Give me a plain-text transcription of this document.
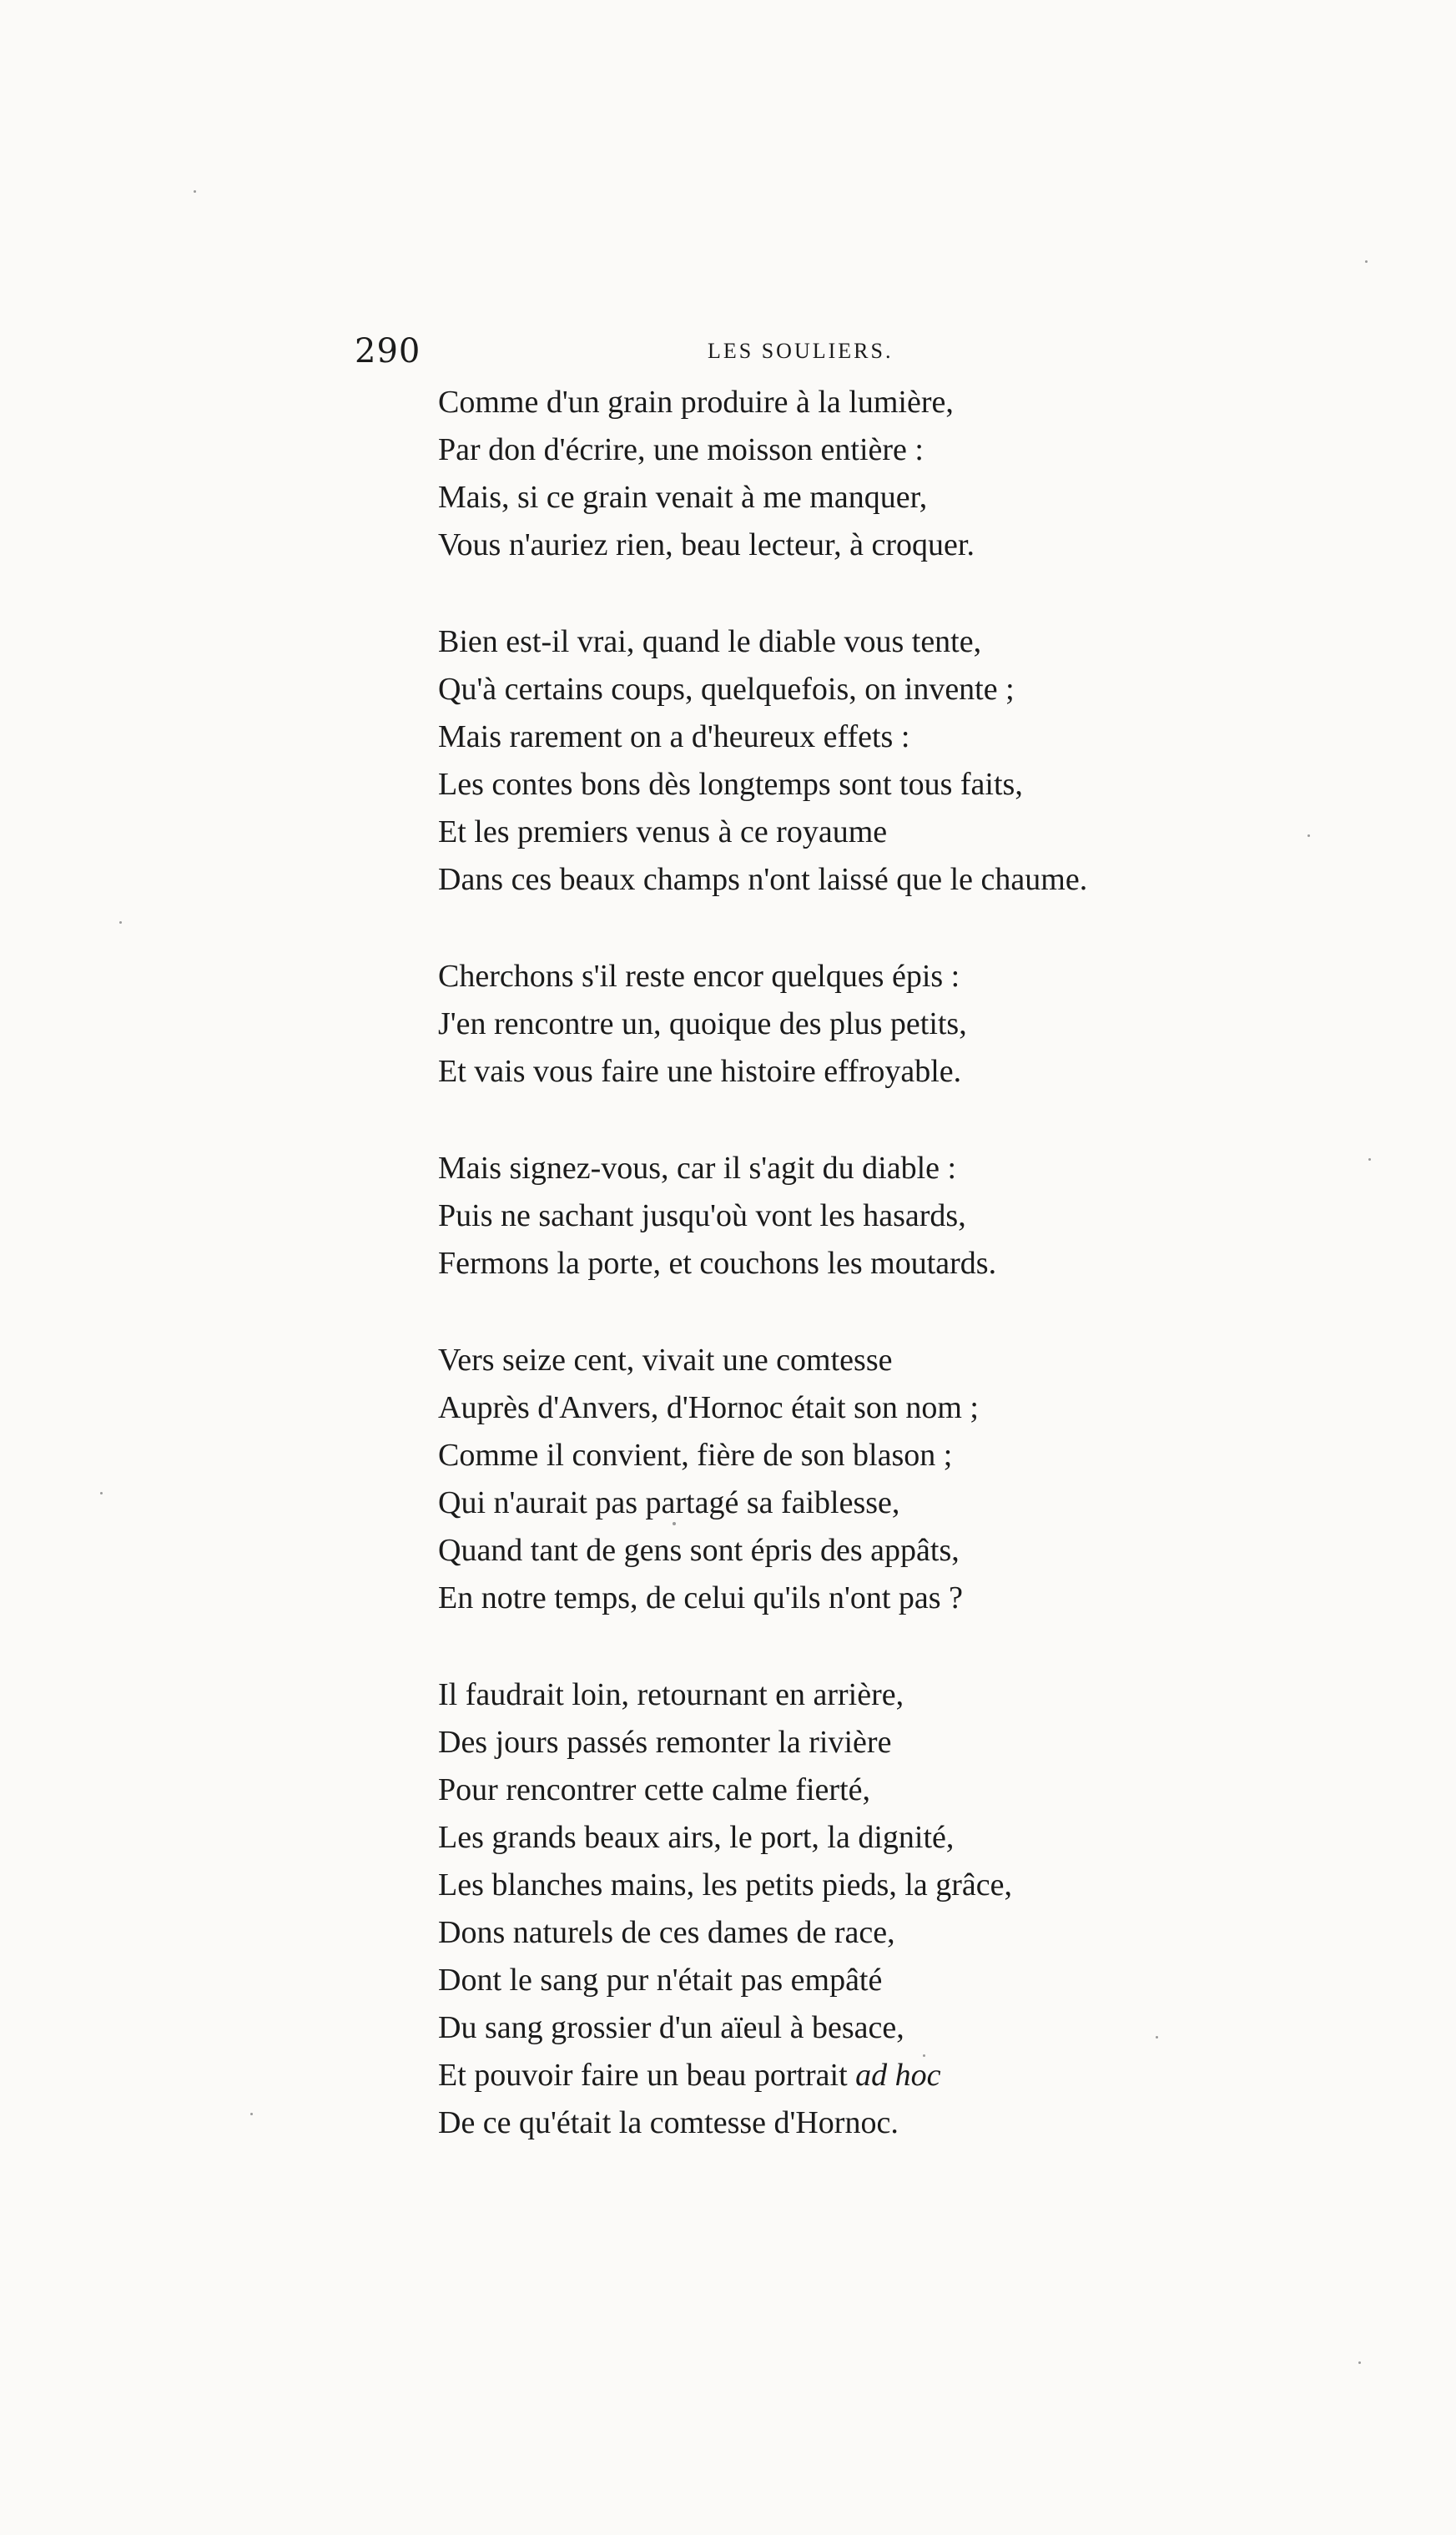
290	LES SOULIERS.
Comme d'un grain produire à la lumière,
Par don d'écrire, une moisson entière :
Mais, si ce grain venait à me manquer,
Vous n'auriez rien, beau lecteur, à croquer.
Bien est-il vrai, quand le diable vous tente,
Qu'à certains coups, quelquefois, on invente ;
Mais rarement on a d'heureux effets :
Les contes bons dès longtemps sont tous faits,
Et les premiers venus à ce royaume
Dans ces beaux champs n'ont laissé que le chaume.
Cherchons s'il reste encor quelques épis :
J'en rencontre un, quoique des plus petits,
Et vais vous faire une histoire effroyable.
Mais signez-vous, car il s'agit du diable :
Puis ne sachant jusqu'où vont les hasards,
Fermons la porte, et couchons les moutards.
Vers seize cent, vivait une comtesse
Auprès d'Anvers, d'Hornoc était son nom ;
Comme il convient, fière de son blason ;
Qui n'aurait pas partagé sa faiblesse,
Quand tant de gens sont épris des appâts,
En notre temps, de celui qu'ils n'ont pas ?
Il faudrait loin, retournant en arrière,
Des jours passés remonter la rivière
Pour rencontrer cette calme fierté,
Les grands beaux airs, le port, la dignité,
Les blanches mains, les petits pieds, la grâce,
Dons naturels de ces dames de race,
Dont le sang pur n'était pas empâté
Du sang grossier d'un aïeul à besace,
Et pouvoir faire un beau portrait ad hoc
De ce qu'était la comtesse d'Hornoc.
